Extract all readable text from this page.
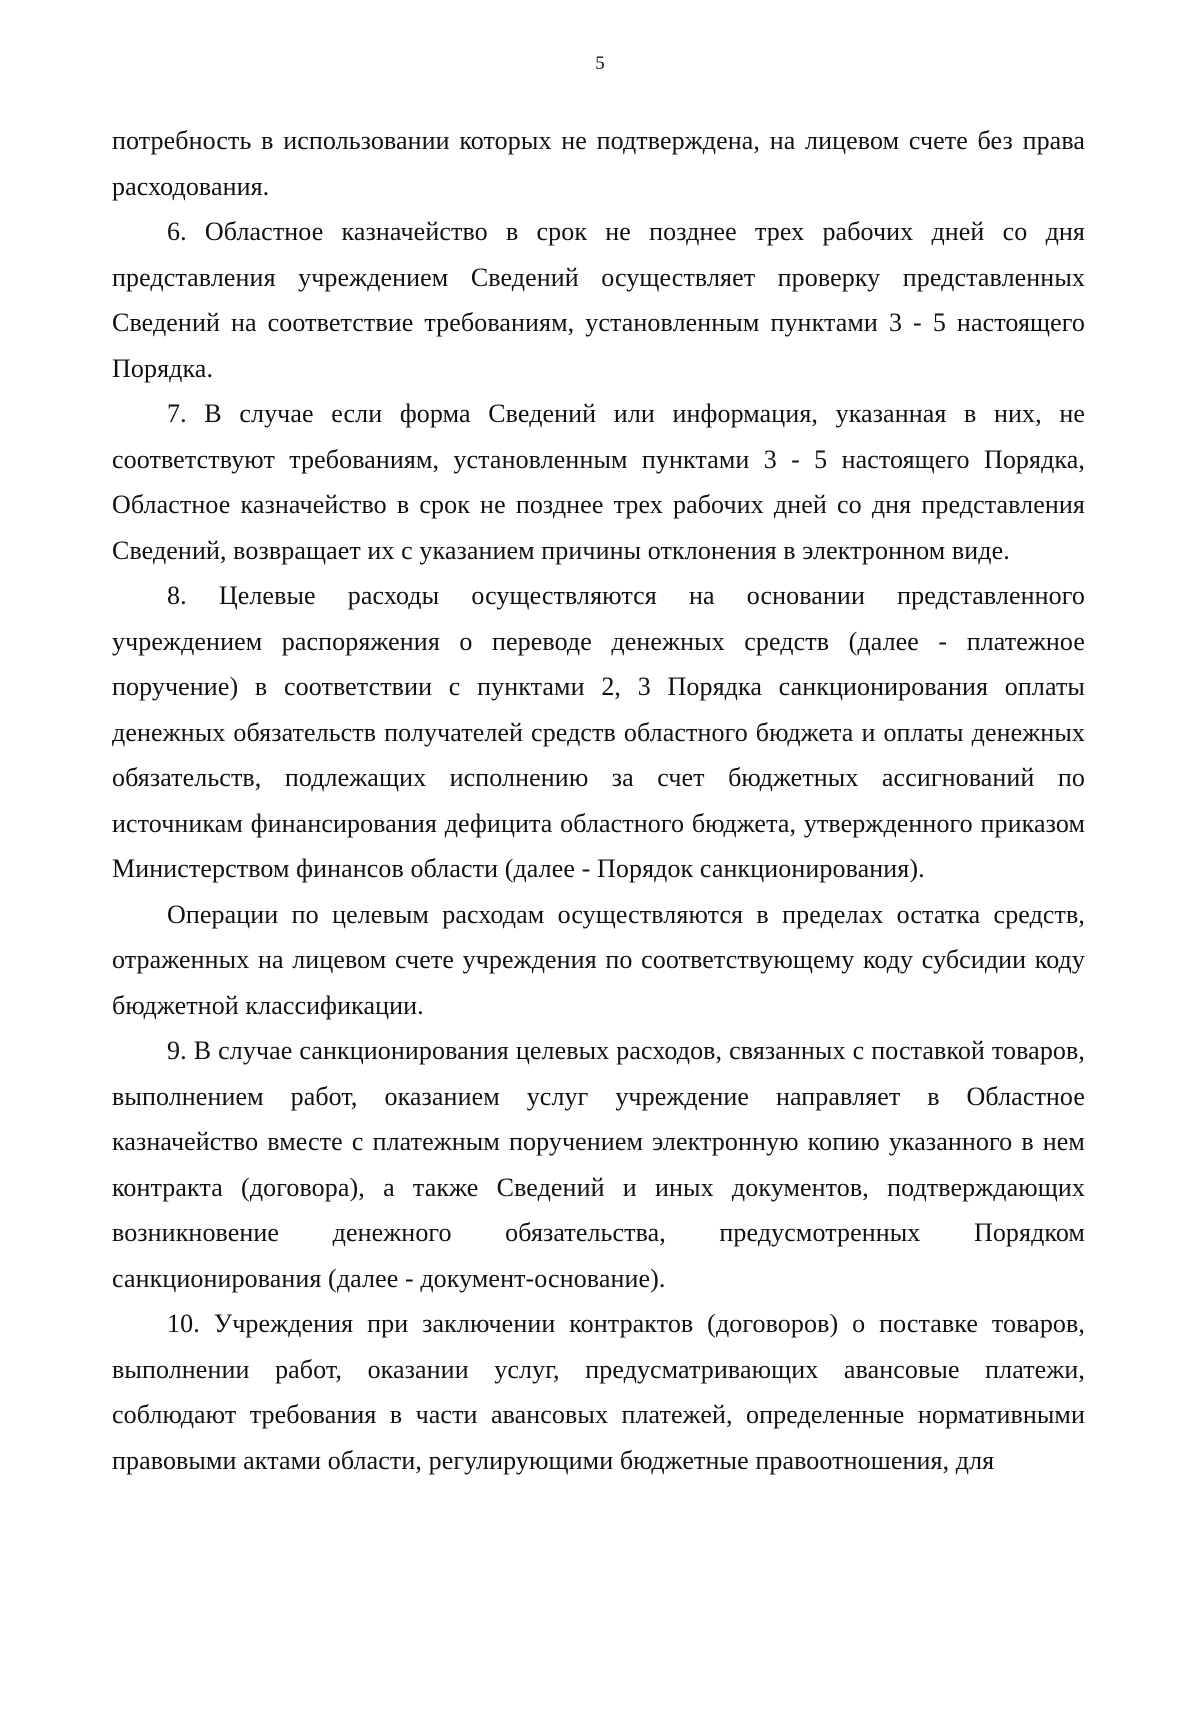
5

потребность в использовании которых не подтверждена, на лицевом счете без права расходования.

6. Областное казначейство в срок не позднее трех рабочих дней со дня представления учреждением Сведений осуществляет проверку представленных Сведений на соответствие требованиям, установленным пунктами 3 - 5 настоящего Порядка.

7. В случае если форма Сведений или информация, указанная в них, не соответствуют требованиям, установленным пунктами 3 - 5 настоящего Порядка, Областное казначейство в срок не позднее трех рабочих дней со дня представления Сведений, возвращает их с указанием причины отклонения в электронном виде.

8. Целевые расходы осуществляются на основании представленного учреждением распоряжения о переводе денежных средств (далее - платежное поручение) в соответствии с пунктами 2, 3 Порядка санкционирования оплаты денежных обязательств получателей средств областного бюджета и оплаты денежных обязательств, подлежащих исполнению за счет бюджетных ассигнований по источникам финансирования дефицита областного бюджета, утвержденного приказом Министерством финансов области (далее - Порядок санкционирования).

Операции по целевым расходам осуществляются в пределах остатка средств, отраженных на лицевом счете учреждения по соответствующему коду субсидии коду бюджетной классификации.

9. В случае санкционирования целевых расходов, связанных с поставкой товаров, выполнением работ, оказанием услуг учреждение направляет в Областное казначейство вместе с платежным поручением электронную копию указанного в нем контракта (договора), а также Сведений и иных документов, подтверждающих возникновение денежного обязательства, предусмотренных Порядком санкционирования (далее - документ-основание).

10. Учреждения при заключении контрактов (договоров) о поставке товаров, выполнении работ, оказании услуг, предусматривающих авансовые платежи, соблюдают требования в части авансовых платежей, определенные нормативными правовыми актами области, регулирующими бюджетные правоотношения, для
